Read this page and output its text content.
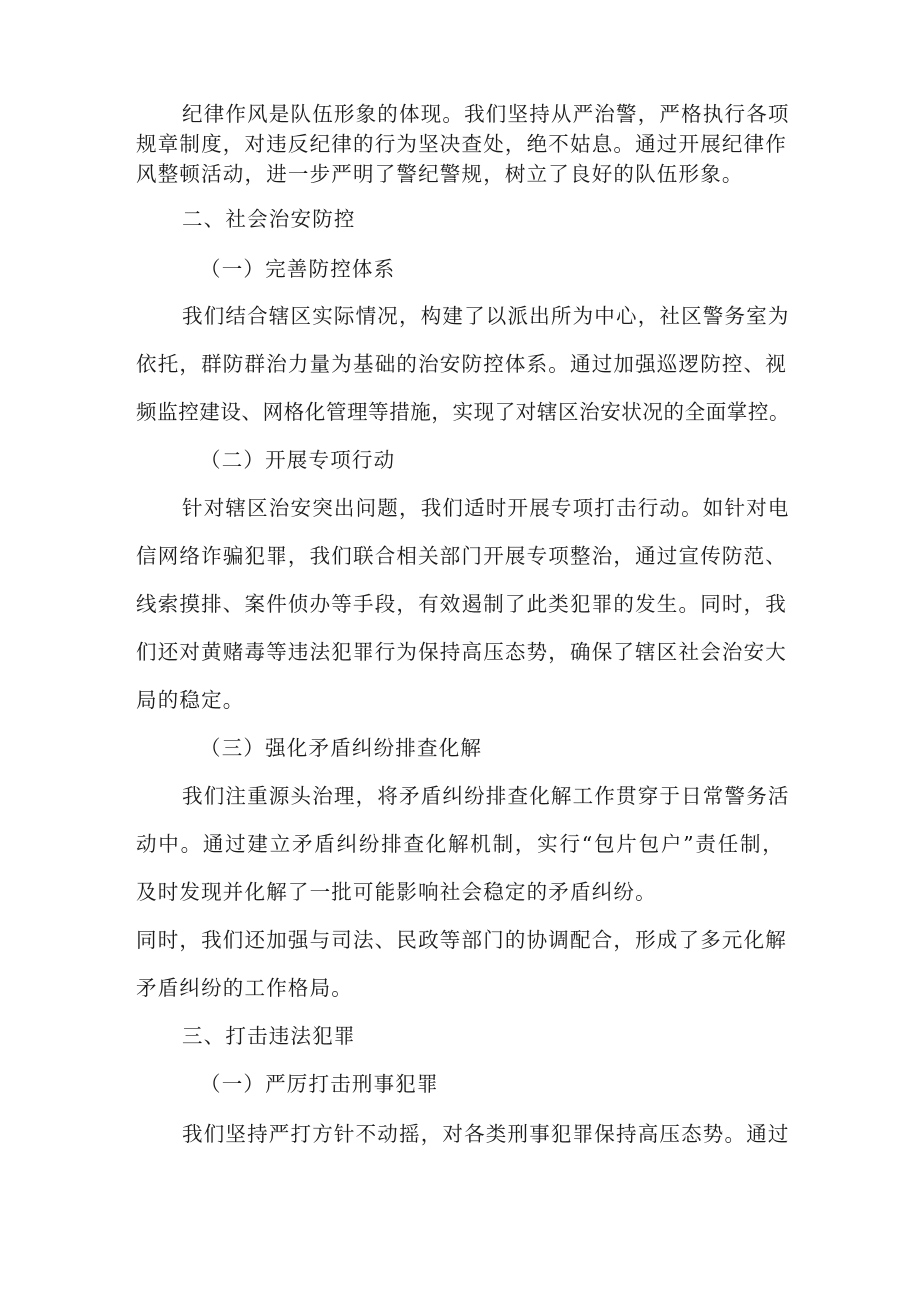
纪律作风是队伍形象的体现。我们坚持从严治警，严格执行各项
规章制度，对违反纪律的行为坚决查处，绝不姑息。通过开展纪律作
风整顿活动，进一步严明了警纪警规，树立了良好的队伍形象。
二、社会治安防控
（一）完善防控体系
我们结合辖区实际情况，构建了以派出所为中心，社区警务室为
依托，群防群治力量为基础的治安防控体系。通过加强巡逻防控、视
频监控建设、网格化管理等措施，实现了对辖区治安状况的全面掌控。
（二）开展专项行动
针对辖区治安突出问题，我们适时开展专项打击行动。如针对电
信网络诈骗犯罪，我们联合相关部门开展专项整治，通过宣传防范、
线索摸排、案件侦办等手段，有效遏制了此类犯罪的发生。同时，我
们还对黄赌毒等违法犯罪行为保持高压态势，确保了辖区社会治安大
局的稳定。
（三）强化矛盾纠纷排查化解
我们注重源头治理，将矛盾纠纷排查化解工作贯穿于日常警务活
动中。通过建立矛盾纠纷排查化解机制，实行“包片包户”责任制，
及时发现并化解了一批可能影响社会稳定的矛盾纠纷。
同时，我们还加强与司法、民政等部门的协调配合，形成了多元化解
矛盾纠纷的工作格局。
三、打击违法犯罪
（一）严厉打击刑事犯罪
我们坚持严打方针不动摇，对各类刑事犯罪保持高压态势。通过
